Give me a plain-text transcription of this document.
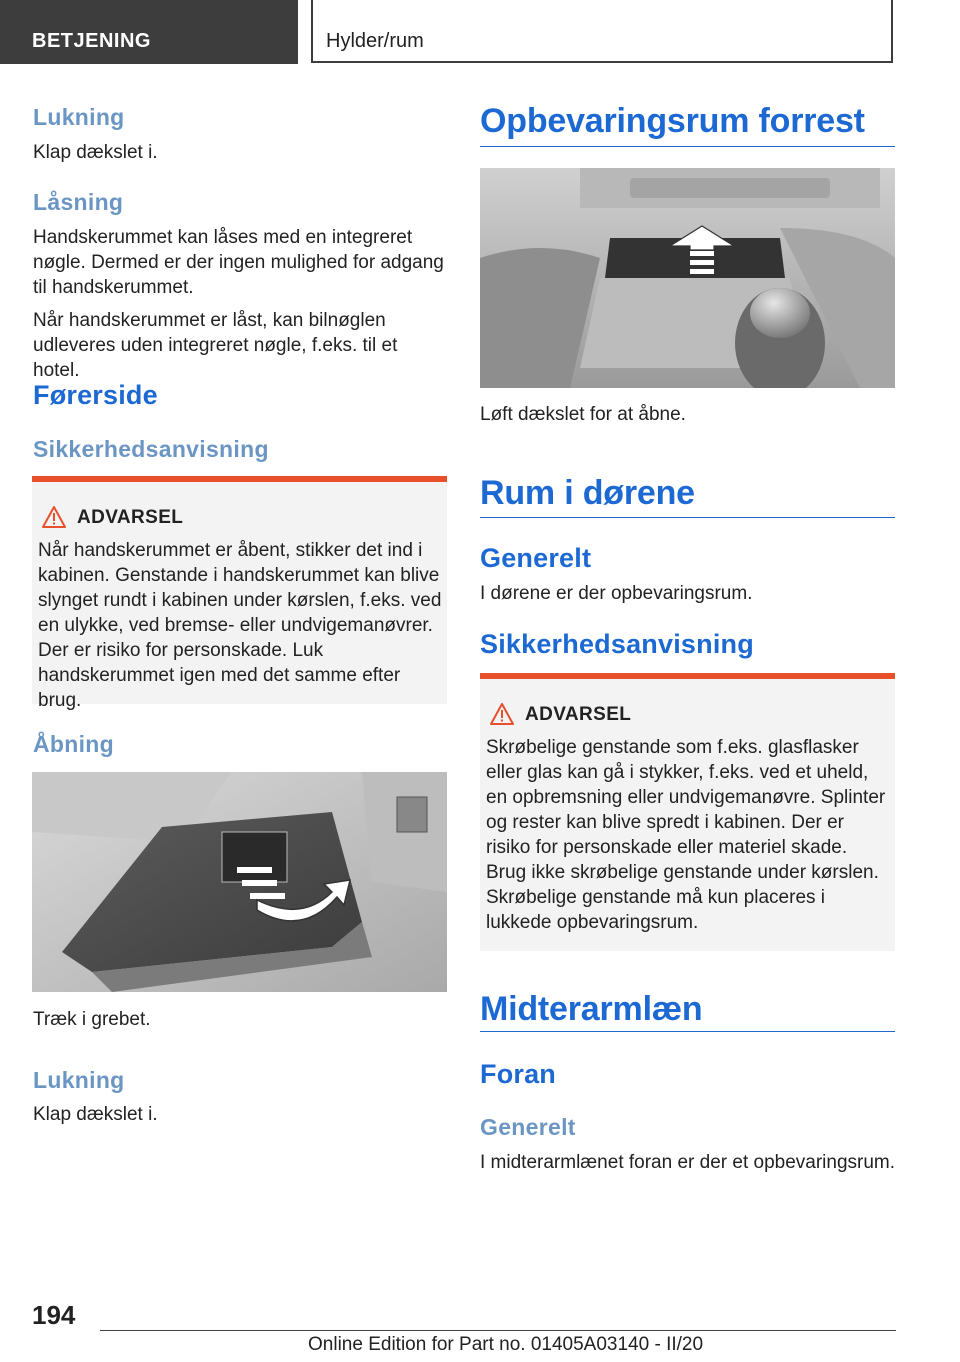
BETJENING	Hylder/rum
Lukning
Klap dækslet i.
Låsning
Handskerummet kan låses med en integreret nøgle. Dermed er der ingen mulighed for adgang til handskerummet.
Når handskerummet er låst, kan bilnøglen udleveres uden integreret nøgle, f.eks. til et hotel.
Førerside
Sikkerhedsanvisning
ADVARSEL
Når handskerummet er åbent, stikker det ind i kabinen. Genstande i handskerummet kan blive slynget rundt i kabinen under kørslen, f.eks. ved en ulykke, ved bremse- eller undvigemanøvrer. Der er risiko for personskade. Luk handskerummet igen med det samme efter brug.
Åbning
Træk i grebet.
Lukning
Klap dækslet i.
Opbevaringsrum forrest
Løft dækslet for at åbne.
Rum i dørene
Generelt
I dørene er der opbevaringsrum.
Sikkerhedsanvisning
ADVARSEL
Skrøbelige genstande som f.eks. glasflasker eller glas kan gå i stykker, f.eks. ved et uheld, en opbremsning eller undvigemanøvre. Splinter og rester kan blive spredt i kabinen. Der er risiko for personskade eller materiel skade. Brug ikke skrøbelige genstande under kørslen. Skrøbelige genstande må kun placeres i lukkede opbevaringsrum.
Midterarmlæn
Foran
Generelt
I midterarmlænet foran er der et opbevaringsrum.
194
Online Edition for Part no. 01405A03140 - II/20
